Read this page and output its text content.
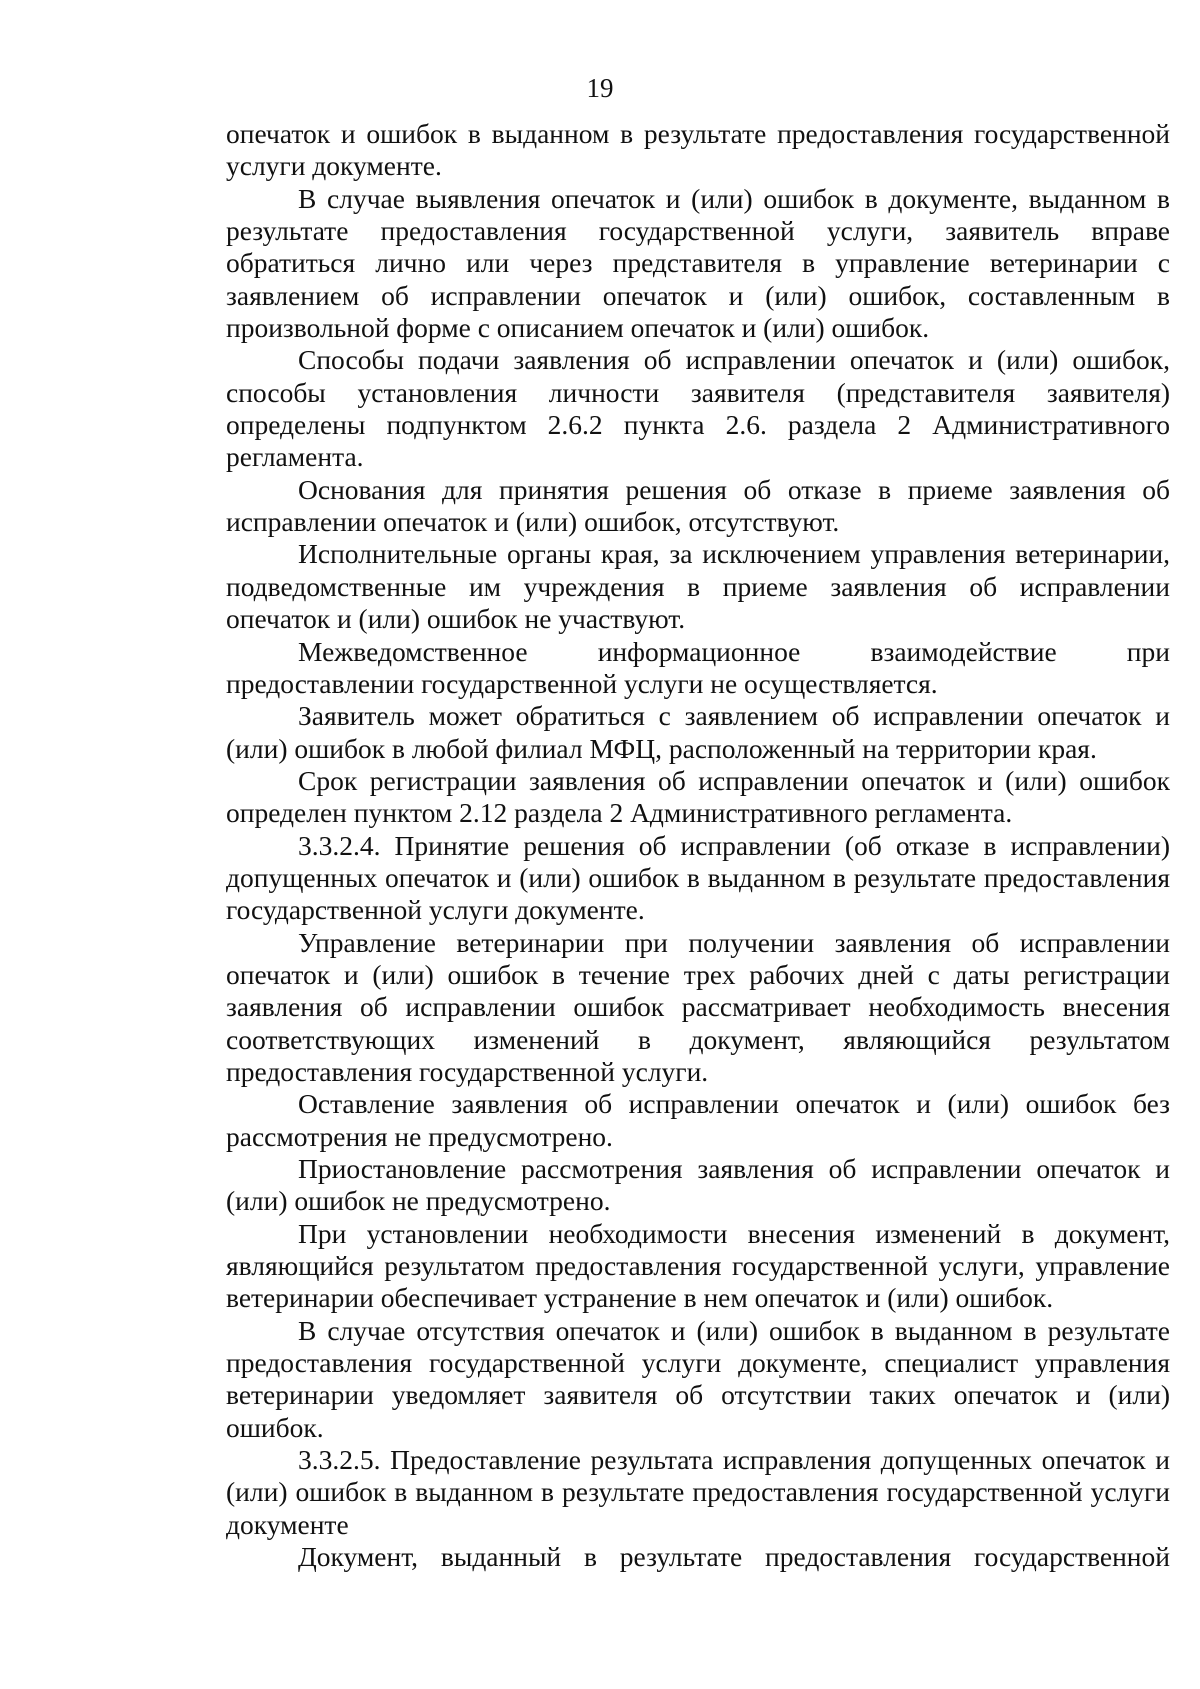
19

опечаток и ошибок в выданном в результате предоставления государственной услуги документе.

В случае выявления опечаток и (или) ошибок в документе, выданном в результате предоставления государственной услуги, заявитель вправе обратиться лично или через представителя в управление ветеринарии с заявлением об исправлении опечаток и (или) ошибок, составленным в произвольной форме с описанием опечаток и (или) ошибок.

Способы подачи заявления об исправлении опечаток и (или) ошибок, способы установления личности заявителя (представителя заявителя) определены подпунктом 2.6.2 пункта 2.6. раздела 2 Административного регламента.

Основания для принятия решения об отказе в приеме заявления об исправлении опечаток и (или) ошибок, отсутствуют.

Исполнительные органы края, за исключением управления ветеринарии, подведомственные им учреждения в приеме заявления об исправлении опечаток и (или) ошибок не участвуют.

Межведомственное информационное взаимодействие при предоставлении государственной услуги не осуществляется.

Заявитель может обратиться с заявлением об исправлении опечаток и (или) ошибок в любой филиал МФЦ, расположенный на территории края.

Срок регистрации заявления об исправлении опечаток и (или) ошибок определен пунктом 2.12 раздела 2 Административного регламента.

3.3.2.4. Принятие решения об исправлении (об отказе в исправлении) допущенных опечаток и (или) ошибок в выданном в результате предоставления государственной услуги документе.

Управление ветеринарии при получении заявления об исправлении опечаток и (или) ошибок в течение трех рабочих дней с даты регистрации заявления об исправлении ошибок рассматривает необходимость внесения соответствующих изменений в документ, являющийся результатом предоставления государственной услуги.

Оставление заявления об исправлении опечаток и (или) ошибок без рассмотрения не предусмотрено.

Приостановление рассмотрения заявления об исправлении опечаток и (или) ошибок не предусмотрено.

При установлении необходимости внесения изменений в документ, являющийся результатом предоставления государственной услуги, управление ветеринарии обеспечивает устранение в нем опечаток и (или) ошибок.

В случае отсутствия опечаток и (или) ошибок в выданном в результате предоставления государственной услуги документе, специалист управления ветеринарии уведомляет заявителя об отсутствии таких опечаток и (или) ошибок.

3.3.2.5. Предоставление результата исправления допущенных опечаток и (или) ошибок в выданном в результате предоставления государственной услуги документе

Документ, выданный в результате предоставления государственной
